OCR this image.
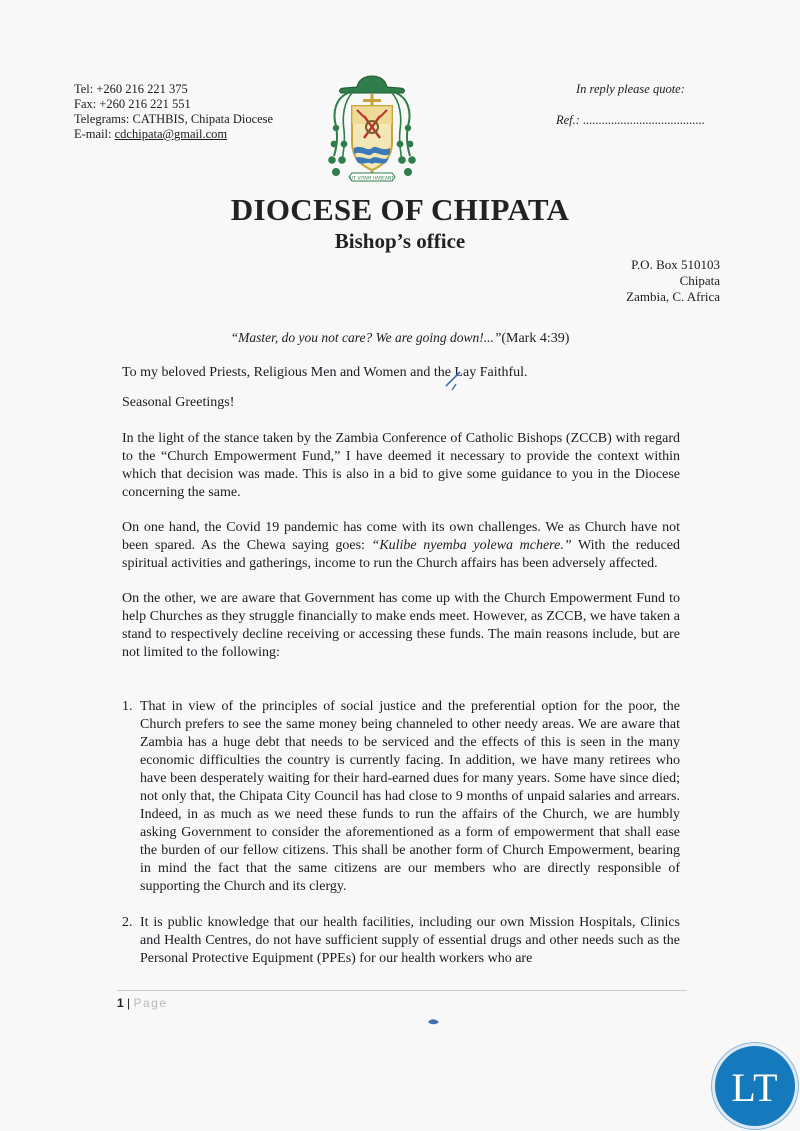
Tel: +260 216 221 375
Fax: +260 216 221 551
Telegrams: CATHBIS, Chipata Diocese
E-mail: cdchipata@gmail.com
In reply please quote:
Ref.: .......................................
UT VITAM HABEANT
DIOCESE OF CHIPATA
Bishop’s office
P.O. Box 510103
Chipata
Zambia, C. Africa
“Master, do you not care? We are going down!...”(Mark 4:39)

To my beloved Priests, Religious Men and Women and the Lay Faithful.

Seasonal Greetings!

In the light of the stance taken by the Zambia Conference of Catholic Bishops (ZCCB) with regard to the “Church Empowerment Fund,” I have deemed it necessary to provide the context within which that decision was made. This is also in a bid to give some guidance to you in the Diocese concerning the same.

On one hand, the Covid 19 pandemic has come with its own challenges. We as Church have not been spared. As the Chewa saying goes: “Kulibe nyemba yolewa mchere.” With the reduced spiritual activities and gatherings, income to run the Church affairs has been adversely affected.

On the other, we are aware that Government has come up with the Church Empowerment Fund to help Churches as they struggle financially to make ends meet. However, as ZCCB, we have taken a stand to respectively decline receiving or accessing these funds. The main reasons include, but are not limited to the following:

1. That in view of the principles of social justice and the preferential option for the poor, the Church prefers to see the same money being channeled to other needy areas. We are aware that Zambia has a huge debt that needs to be serviced and the effects of this is seen in the many economic difficulties the country is currently facing. In addition, we have many retirees who have been desperately waiting for their hard-earned dues for many years. Some have since died; not only that, the Chipata City Council has had close to 9 months of unpaid salaries and arrears. Indeed, in as much as we need these funds to run the affairs of the Church, we are humbly asking Government to consider the aforementioned as a form of empowerment that shall ease the burden of our fellow citizens. This shall be another form of Church Empowerment, bearing in mind the fact that the same citizens are our members who are directly responsible of supporting the Church and its clergy.
2. It is public knowledge that our health facilities, including our own Mission Hospitals, Clinics and Health Centres, do not have sufficient supply of essential drugs and other needs such as the Personal Protective Equipment (PPEs) for our health workers who are
1 | Page
LT
